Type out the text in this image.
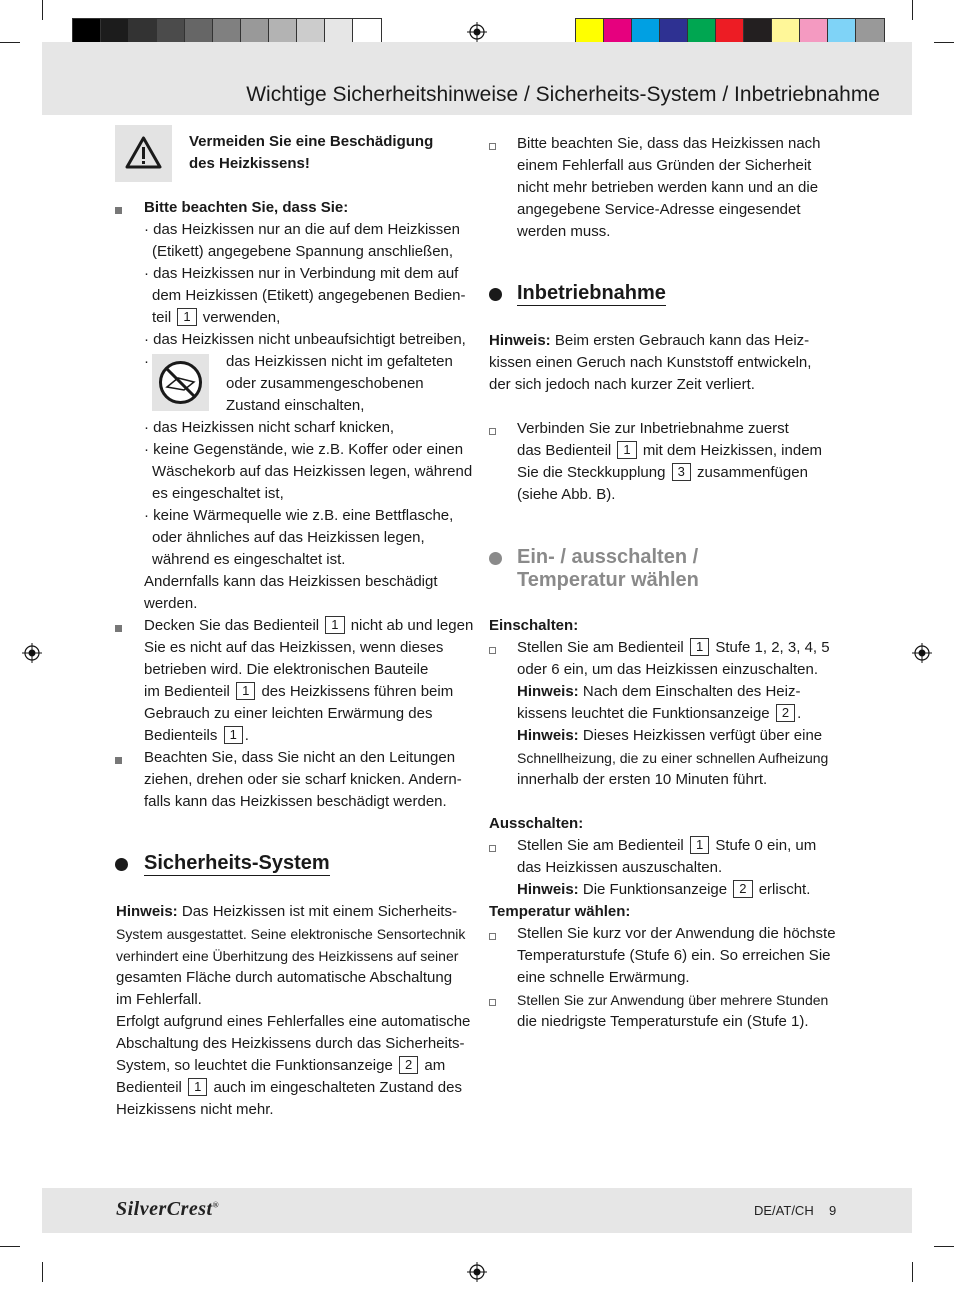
Wichtige Sicherheitshinweise / Sicherheits-System / Inbetriebnahme
Vermeiden Sie eine Beschädigung
des Heizkissens!
Bitte beachten Sie, dass Sie:
· das Heizkissen nur an die auf dem Heizkissen
(Etikett) angegebene Spannung anschließen,
· das Heizkissen nur in Verbindung mit dem auf
dem Heizkissen (Etikett) angegebenen Bedien-
teil 1 verwenden,
· das Heizkissen nicht unbeaufsichtigt betreiben,
·	das Heizkissen nicht im gefalteten
oder zusammengeschobenen
Zustand einschalten,
· das Heizkissen nicht scharf knicken,
· keine Gegenstände, wie z.B. Koffer oder einen
Wäschekorb auf das Heizkissen legen, während
es eingeschaltet ist,
· keine Wärmequelle wie z.B. eine Bettflasche,
oder ähnliches auf das Heizkissen legen,
während es eingeschaltet ist.
Andernfalls kann das Heizkissen beschädigt
werden.
Decken Sie das Bedienteil 1 nicht ab und legen
Sie es nicht auf das Heizkissen, wenn dieses
betrieben wird. Die elektronischen Bauteile
im Bedienteil 1 des Heizkissens führen beim
Gebrauch zu einer leichten Erwärmung des
Bedienteils 1 .
Beachten Sie, dass Sie nicht an den Leitungen
ziehen, drehen oder sie scharf knicken. Andern-
falls kann das Heizkissen beschädigt werden.
Sicherheits-System
Hinweis: Das Heizkissen ist mit einem Sicherheits-
System ausgestattet. Seine elektronische Sensortechnik
verhindert eine Überhitzung des Heizkissens auf seiner
gesamten Fläche durch automatische Abschaltung
im Fehlerfall.
Erfolgt aufgrund eines Fehlerfalles eine automatische
Abschaltung des Heizkissens durch das Sicherheits-
System, so leuchtet die Funktionsanzeige 2 am
Bedienteil 1 auch im eingeschalteten Zustand des
Heizkissens nicht mehr.
Bitte beachten Sie, dass das Heizkissen nach
einem Fehlerfall aus Gründen der Sicherheit
nicht mehr betrieben werden kann und an die
angegebene Service-Adresse eingesendet
werden muss.
Inbetriebnahme
Hinweis: Beim ersten Gebrauch kann das Heiz-
kissen einen Geruch nach Kunststoff entwickeln,
der sich jedoch nach kurzer Zeit verliert.
Verbinden Sie zur Inbetriebnahme zuerst
das Bedienteil 1 mit dem Heizkissen, indem
Sie die Steckkupplung 3 zusammenfügen
(siehe Abb. B).
Ein- / ausschalten /
Temperatur wählen
Einschalten:
Stellen Sie am Bedienteil 1 Stufe 1, 2, 3, 4, 5
oder 6 ein, um das Heizkissen einzuschalten.
Hinweis: Nach dem Einschalten des Heiz-
kissens leuchtet die Funktionsanzeige 2 .
Hinweis: Dieses Heizkissen verfügt über eine
Schnellheizung, die zu einer schnellen Aufheizung
innerhalb der ersten 10 Minuten führt.
Ausschalten:
Stellen Sie am Bedienteil 1 Stufe 0 ein, um
das Heizkissen auszuschalten.
Hinweis: Die Funktionsanzeige 2 erlischt.
Temperatur wählen:
Stellen Sie kurz vor der Anwendung die höchste
Temperaturstufe (Stufe 6) ein. So erreichen Sie
eine schnelle Erwärmung.
Stellen Sie zur Anwendung über mehrere Stunden
die niedrigste Temperaturstufe ein (Stufe 1).
SilverCrest®	DE/AT/CH 9
